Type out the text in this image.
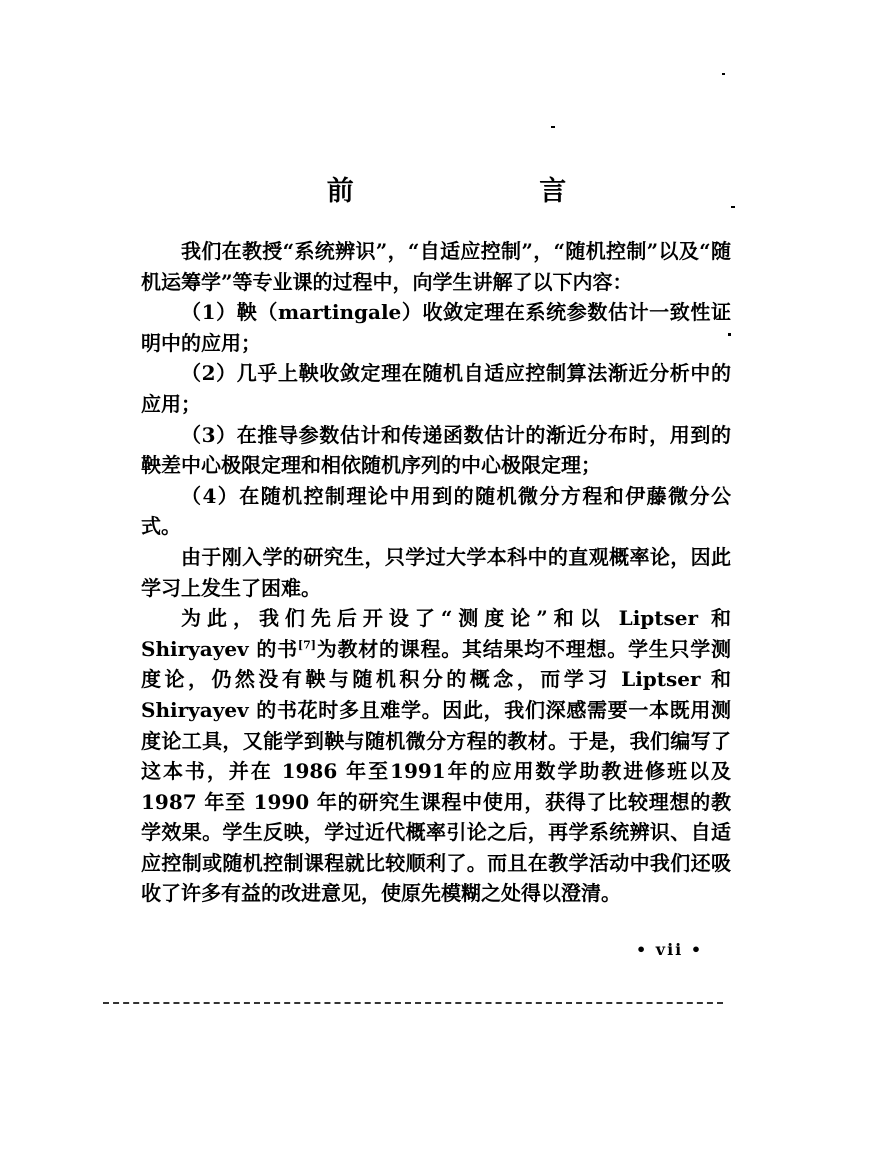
前 言

我们在教授“系统辨识”，“自适应控制”，“随机控制”以及“随机运筹学”等专业课的过程中，向学生讲解了以下内容：

（1）鞅（martingale）收敛定理在系统参数估计一致性证明中的应用；

（2）几乎上鞅收敛定理在随机自适应控制算法渐近分析中的应用；

（3）在推导参数估计和传递函数估计的渐近分布时，用到的鞅差中心极限定理和相依随机序列的中心极限定理；

（4）在随机控制理论中用到的随机微分方程和伊藤微分公式。

由于刚入学的研究生，只学过大学本科中的直观概率论，因此学习上发生了困难。

为此，我们先后开设了“测度论”和以 Liptser 和 Shiryayev 的书[7]为教材的课程。其结果均不理想。学生只学测度论，仍然没有鞅与随机积分的概念，而学习 Liptser 和 Shiryayev 的书花时多且难学。因此，我们深感需要一本既用测度论工具，又能学到鞅与随机微分方程的教材。于是，我们编写了这本书，并在 1986 年至1991年的应用数学助教进修班以及 1987 年至 1990 年的研究生课程中使用，获得了比较理想的教学效果。学生反映，学过近代概率引论之后，再学系统辨识、自适应控制或随机控制课程就比较顺利了。而且在教学活动中我们还吸收了许多有益的改进意见，使原先模糊之处得以澄清。

• vii •
